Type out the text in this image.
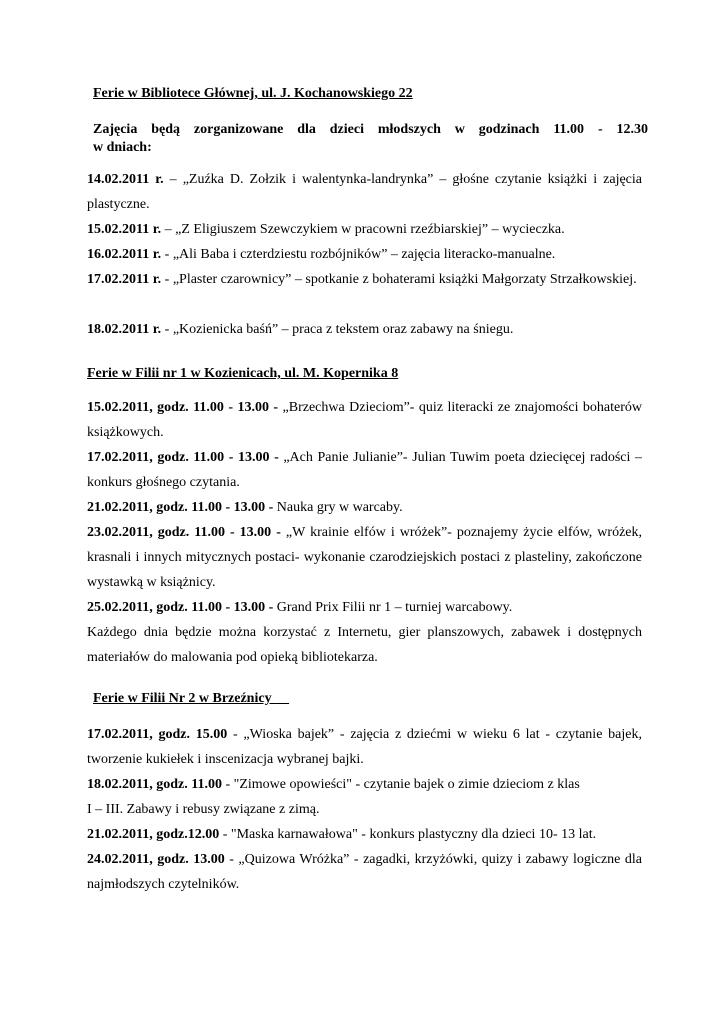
Ferie w Bibliotece Głównej, ul. J. Kochanowskiego 22
Zajęcia będą zorganizowane dla dzieci młodszych w godzinach 11.00 - 12.30
w dniach:
14.02.2011 r. – „Zuźka D. Zołzik i walentynka-landrynka” – głośne czytanie książki i zajęcia plastyczne.
15.02.2011 r. – „Z Eligiuszem Szewczykiem w pracowni rzeźbiarskiej” – wycieczka.
16.02.2011 r. - „Ali Baba i czterdziestu rozbójników” – zajęcia literacko-manualne.
17.02.2011 r. - „Plaster czarownicy” – spotkanie z bohaterami książki Małgorzaty Strzałkowskiej.
18.02.2011 r. - „Kozienicka baśń” – praca z tekstem oraz zabawy na śniegu.
Ferie w Filii nr 1 w Kozienicach, ul. M. Kopernika 8
15.02.2011, godz. 11.00 - 13.00 - „Brzechwa Dzieciom”- quiz literacki ze znajomości bohaterów książkowych.
17.02.2011, godz. 11.00 - 13.00 - „Ach Panie Julianie”- Julian Tuwim poeta dziecięcej radości – konkurs głośnego czytania.
21.02.2011, godz. 11.00 - 13.00 - Nauka gry w warcaby.
23.02.2011, godz. 11.00 - 13.00 - „W krainie elfów i wróżek”- poznajemy życie elfów, wróżek, krasnali i innych mitycznych postaci- wykonanie czarodziejskich postaci z plasteliny, zakończone wystawką w książnicy.
25.02.2011, godz. 11.00 - 13.00 - Grand Prix Filii nr 1 – turniej warcabowy.
Każdego dnia będzie można korzystać z Internetu, gier planszowych, zabawek i dostępnych materiałów do malowania pod opieką bibliotekarza.
Ferie w Filii Nr 2 w Brzeźnicy
17.02.2011, godz. 15.00 - „Wioska bajek” - zajęcia z dziećmi w wieku 6 lat - czytanie bajek, tworzenie kukiełek i inscenizacja wybranej bajki.
18.02.2011, godz. 11.00 - "Zimowe opowieści" - czytanie bajek o zimie dzieciom z klas
I – III. Zabawy i rebusy związane z zimą.
21.02.2011, godz.12.00 - "Maska karnawałowa" - konkurs plastyczny dla dzieci 10- 13 lat.
24.02.2011, godz. 13.00 - „Quizowa Wróżka” - zagadki, krzyżówki, quizy i zabawy logiczne dla najmłodszych czytelników.
